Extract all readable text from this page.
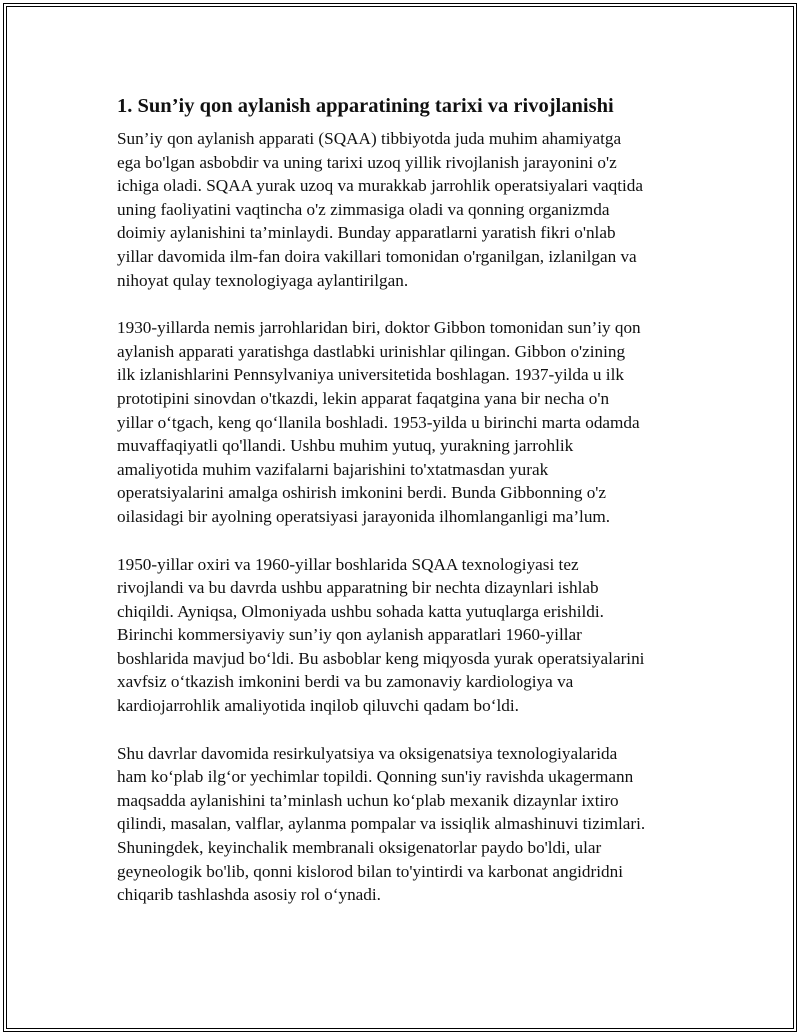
1. Sun’iy qon aylanish apparatining tarixi va rivojlanishi
Sun’iy qon aylanish apparati (SQAA) tibbiyotda juda muhim ahamiyatga
ega bo'lgan asbobdir va uning tarixi uzoq yillik rivojlanish jarayonini o'z
ichiga oladi. SQAA yurak uzoq va murakkab jarrohlik operatsiyalari vaqtida
uning faoliyatini vaqtincha o'z zimmasiga oladi va qonning organizmda
doimiy aylanishini ta’minlaydi. Bunday apparatlarni yaratish fikri o'nlab
yillar davomida ilm-fan doira vakillari tomonidan o'rganilgan, izlanilgan va
nihoyat qulay texnologiyaga aylantirilgan.
1930-yillarda nemis jarrohlaridan biri, doktor Gibbon tomonidan sun’iy qon
aylanish apparati yaratishga dastlabki urinishlar qilingan. Gibbon o'zining
ilk izlanishlarini Pennsylvaniya universitetida boshlagan. 1937-yilda u ilk
prototipini sinovdan o'tkazdi, lekin apparat faqatgina yana bir necha o'n
yillar o‘tgach, keng qo‘llanila boshladi. 1953-yilda u birinchi marta odamda
muvaffaqiyatli qo'llandi. Ushbu muhim yutuq, yurakning jarrohlik
amaliyotida muhim vazifalarni bajarishini to'xtatmasdan yurak
operatsiyalarini amalga oshirish imkonini berdi. Bunda Gibbonning o'z
oilasidagi bir ayolning operatsiyasi jarayonida ilhomlanganligi ma’lum.
1950-yillar oxiri va 1960-yillar boshlarida SQAA texnologiyasi tez
rivojlandi va bu davrda ushbu apparatning bir nechta dizaynlari ishlab
chiqildi. Ayniqsa, Olmoniyada ushbu sohada katta yutuqlarga erishildi.
Birinchi kommersiyaviy sun’iy qon aylanish apparatlari 1960-yillar
boshlarida mavjud bo‘ldi. Bu asboblar keng miqyosda yurak operatsiyalarini
xavfsiz o‘tkazish imkonini berdi va bu zamonaviy kardiologiya va
kardiojarrohlik amaliyotida inqilob qiluvchi qadam bo‘ldi.
Shu davrlar davomida resirkulyatsiya va oksigenatsiya texnologiyalarida
ham ko‘plab ilg‘or yechimlar topildi. Qonning sun'iy ravishda ukagermann
maqsadda aylanishini ta’minlash uchun ko‘plab mexanik dizaynlar ixtiro
qilindi, masalan, valflar, aylanma pompalar va issiqlik almashinuvi tizimlari.
Shuningdek, keyinchalik membranali oksigenatorlar paydo bo'ldi, ular
geyneologik bo'lib, qonni kislorod bilan to'yintirdi va karbonat angidridni
chiqarib tashlashda asosiy rol o‘ynadi.
